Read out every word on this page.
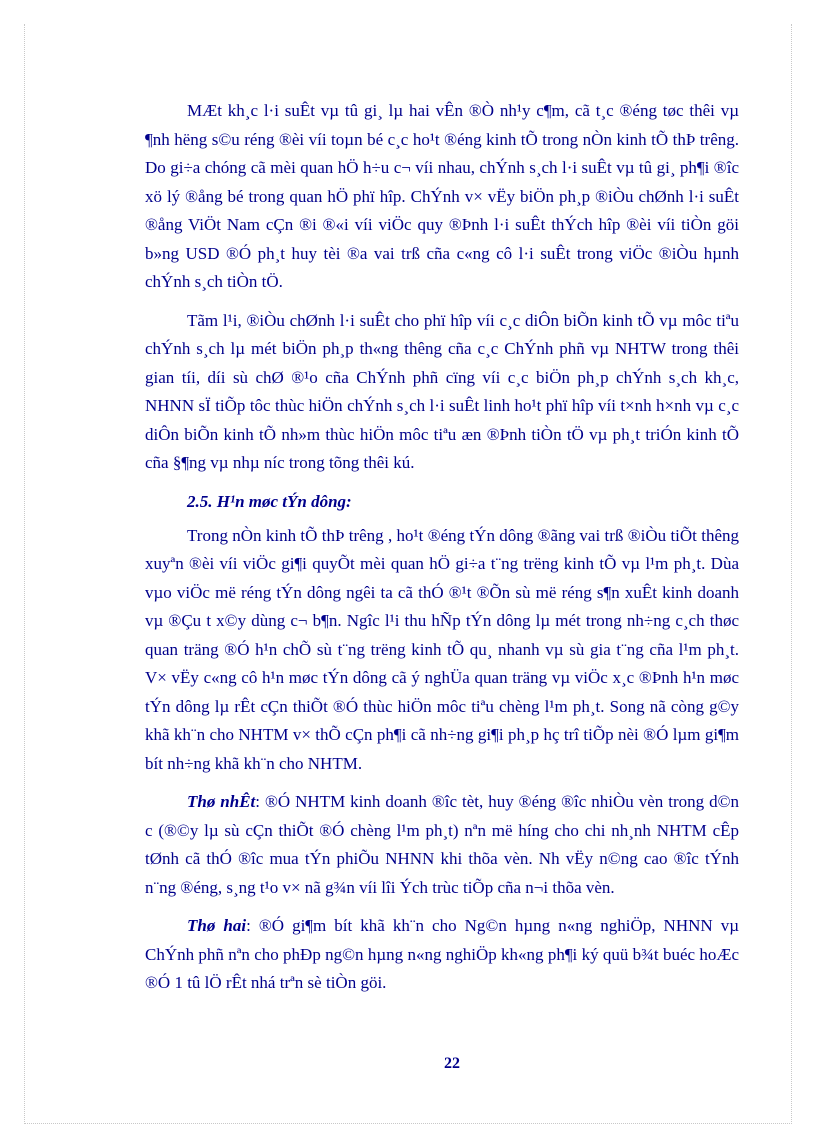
MÆt kh¸c l·i suÊt vµ tû gi¸ lµ hai vÊn ®Ò nh¹y c¶m, cã t¸c ®éng tøc thêi vµ ¶nh hëng s©u réng ®èi víi toµn bé c¸c ho¹t ®éng kinh tÕ trong nÒn kinh tÕ thÞ trêng. Do gi÷a chóng cã mèi quan hÖ h÷u c¬ víi nhau, chÝnh s¸ch l·i suÊt vµ tû gi¸ ph¶i ®îc xö lý ®ång bé trong quan hÖ phï hîp. ChÝnh v× vËy biÖn ph¸p ®iÒu chØnh l·i suÊt ®ång ViÖt Nam cÇn ®i ®«i víi viÖc quy ®Þnh l·i suÊt thÝch hîp ®èi víi tiÒn göi b»ng USD ®Ó ph¸t huy tèi ®a vai trß cña c«ng cô l·i suÊt trong viÖc ®iÒu hµnh chÝnh s¸ch tiÒn tÖ.

Tãm l¹i, ®iÒu chØnh l·i suÊt cho phï hîp víi c¸c diÔn biÕn kinh tÕ vµ môc tiªu chÝnh s¸ch lµ mét biÖn ph¸p th«ng thêng cña c¸c ChÝnh phñ vµ NHTW trong thêi gian tíi, díi sù chØ ®¹o cña ChÝnh phñ cïng víi c¸c biÖn ph¸p chÝnh s¸ch kh¸c, NHNN sÏ tiÕp tôc thùc hiÖn chÝnh s¸ch l·i suÊt linh ho¹t phï hîp víi t×nh h×nh vµ c¸c diÔn biÕn kinh tÕ nh»m thùc hiÖn môc tiªu æn ®Þnh tiÒn tÖ vµ ph¸t triÓn kinh tÕ cña §¶ng vµ nhµ níc trong tõng thêi kú.

2.5. H¹n møc tÝn dông:

Trong nÒn kinh tÕ thÞ trêng , ho¹t ®éng tÝn dông ®ãng vai trß ®iÒu tiÕt thêng xuyªn ®èi víi viÖc gi¶i quyÕt mèi quan hÖ gi÷a t¨ng trëng kinh tÕ vµ l¹m ph¸t. Dùa vµo viÖc më réng tÝn dông ngêi ta cã thÓ ®¹t ®Õn sù më réng s¶n xuÊt kinh doanh vµ ®Çu t x©y dùng c¬ b¶n. Ngîc l¹i thu hÑp tÝn dông lµ mét trong nh÷ng c¸ch thøc quan träng ®Ó h¹n chÕ sù t¨ng trëng kinh tÕ qu¸ nhanh vµ sù gia t¨ng cña l¹m ph¸t. V× vËy c«ng cô h¹n møc tÝn dông cã ý nghÜa quan träng vµ viÖc x¸c ®Þnh h¹n møc tÝn dông lµ rÊt cÇn thiÕt ®Ó thùc hiÖn môc tiªu chèng l¹m ph¸t. Song nã còng g©y khã kh¨n cho NHTM v× thÕ cÇn ph¶i cã nh÷ng gi¶i ph¸p hç trî tiÕp nèi ®Ó lµm gi¶m bít nh÷ng khã kh¨n cho NHTM.

Thø nhÊt: ®Ó NHTM kinh doanh ®îc tèt, huy ®éng ®îc nhiÒu vèn trong d©n c (®©y lµ sù cÇn thiÕt ®Ó chèng l¹m ph¸t) nªn më híng cho chi nh¸nh NHTM cÊp tØnh cã thÓ ®îc mua tÝn phiÕu NHNN khi thõa vèn. Nh vËy n©ng cao ®îc tÝnh n¨ng ®éng, s¸ng t¹o v× nã g¾n víi lîi Ých trùc tiÕp cña n¬i thõa vèn.

Thø hai: ®Ó gi¶m bít khã kh¨n cho Ng©n hµng n«ng nghiÖp, NHNN vµ ChÝnh phñ nªn cho phÐp ng©n hµng n«ng nghiÖp kh«ng ph¶i ký quü b¾t buéc hoÆc ®Ó 1 tû lÖ rÊt nhá trªn sè tiÒn göi.

22
